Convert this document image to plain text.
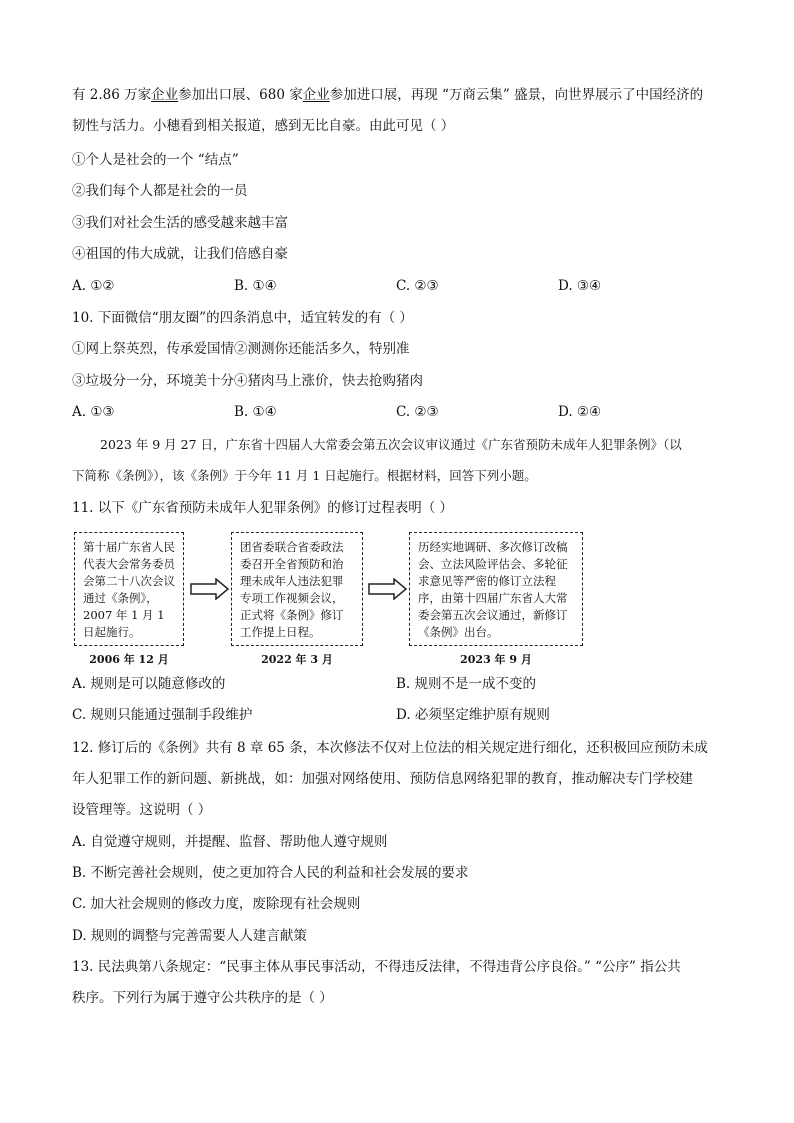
有 2.86 万家企业参加出口展、680 家企业参加进口展，再现 “万商云集” 盛景，向世界展示了中国经济的
韧性与活力。小穗看到相关报道，感到无比自豪。由此可见（ ）
①个人是社会的一个 “结点”
②我们每个人都是社会的一员
③我们对社会生活的感受越来越丰富
④祖国的伟大成就，让我们倍感自豪
A. ①②	B. ①④	C. ②③	D. ③④
10. 下面微信“朋友圈”的四条消息中，适宜转发的有（ ）
①网上祭英烈，传承爱国情②测测你还能活多久，特别准
③垃圾分一分，环境美十分④猪肉马上涨价，快去抢购猪肉
A. ①③	B. ①④	C. ②③	D. ②④
2023 年 9 月 27 日，广东省十四届人大常委会第五次会议审议通过《广东省预防未成年人犯罪条例》（以
下简称《条例》），该《条例》于今年 11 月 1 日起施行。根据材料，回答下列小题。
11. 以下《广东省预防未成年人犯罪条例》的修订过程表明（ ）
第十届广东省人民代表大会常务委员会第二十八次会议通过《条例》，2007 年 1 月 1 日起施行。
2006 年 12 月
团省委联合省委政法委召开全省预防和治理未成年人违法犯罪专项工作视频会议，正式将《条例》修订工作提上日程。
2022 年 3 月
历经实地调研、多次修订改稿会、立法风险评估会、多轮征求意见等严密的修订立法程序，由第十四届广东省人大常委会第五次会议通过，新修订《条例》出台。
2023 年 9 月
A. 规则是可以随意修改的	B. 规则不是一成不变的
C. 规则只能通过强制手段维护	D. 必须坚定维护原有规则
12. 修订后的《条例》共有 8 章 65 条，本次修法不仅对上位法的相关规定进行细化，还积极回应预防未成
年人犯罪工作的新问题、新挑战，如：加强对网络使用、预防信息网络犯罪的教育，推动解决专门学校建
设管理等。这说明（ ）
A. 自觉遵守规则，并提醒、监督、帮助他人遵守规则
B. 不断完善社会规则，使之更加符合人民的利益和社会发展的要求
C. 加大社会规则的修改力度，废除现有社会规则
D. 规则的调整与完善需要人人建言献策
13. 民法典第八条规定：“民事主体从事民事活动，不得违反法律，不得违背公序良俗。” “公序” 指公共
秩序。下列行为属于遵守公共秩序的是（ ）
